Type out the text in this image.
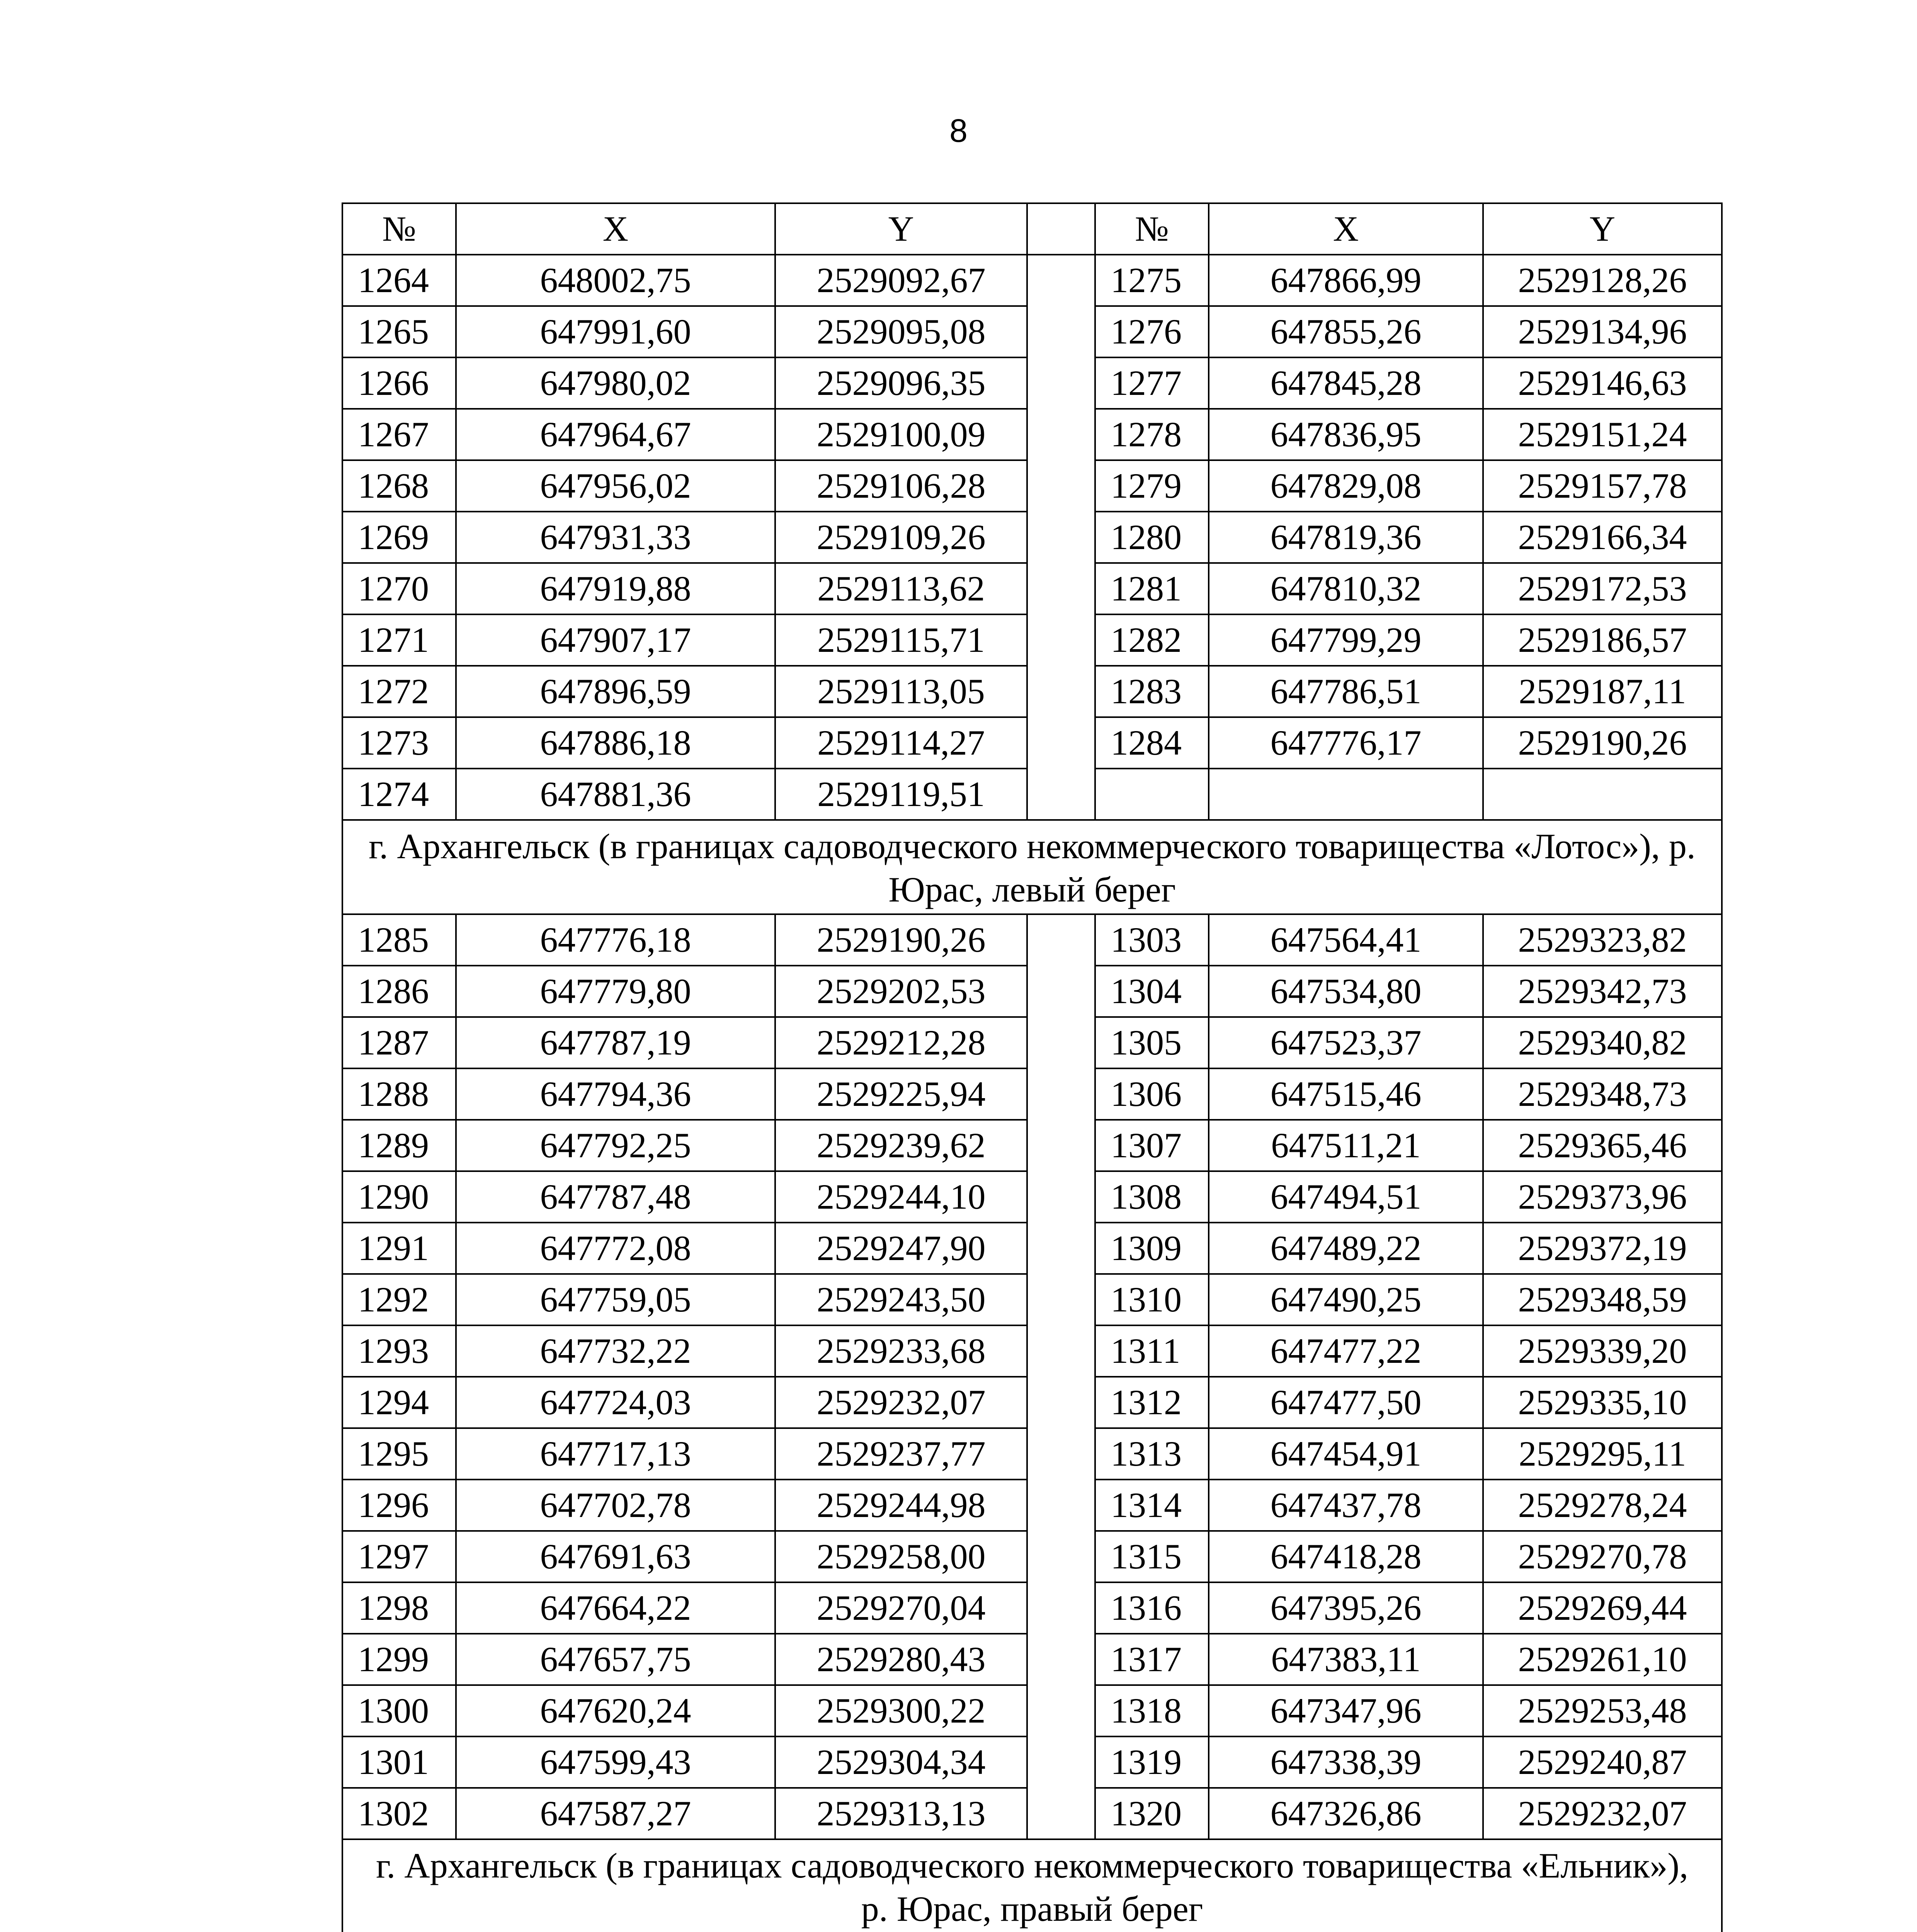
8
№	X	Y		№	X	Y
1264	648002,75	2529092,67		1275	647866,99	2529128,26
1265	647991,60	2529095,08		1276	647855,26	2529134,96
1266	647980,02	2529096,35		1277	647845,28	2529146,63
1267	647964,67	2529100,09		1278	647836,95	2529151,24
1268	647956,02	2529106,28		1279	647829,08	2529157,78
1269	647931,33	2529109,26		1280	647819,36	2529166,34
1270	647919,88	2529113,62		1281	647810,32	2529172,53
1271	647907,17	2529115,71		1282	647799,29	2529186,57
1272	647896,59	2529113,05		1283	647786,51	2529187,11
1273	647886,18	2529114,27		1284	647776,17	2529190,26
1274	647881,36	2529119,51				
г. Архангельск (в границах садоводческого некоммерческого товарищества «Лотос»), р. Юрас, левый берег						
1285	647776,18	2529190,26		1303	647564,41	2529323,82
1286	647779,80	2529202,53		1304	647534,80	2529342,73
1287	647787,19	2529212,28		1305	647523,37	2529340,82
1288	647794,36	2529225,94		1306	647515,46	2529348,73
1289	647792,25	2529239,62		1307	647511,21	2529365,46
1290	647787,48	2529244,10		1308	647494,51	2529373,96
1291	647772,08	2529247,90		1309	647489,22	2529372,19
1292	647759,05	2529243,50		1310	647490,25	2529348,59
1293	647732,22	2529233,68		1311	647477,22	2529339,20
1294	647724,03	2529232,07		1312	647477,50	2529335,10
1295	647717,13	2529237,77		1313	647454,91	2529295,11
1296	647702,78	2529244,98		1314	647437,78	2529278,24
1297	647691,63	2529258,00		1315	647418,28	2529270,78
1298	647664,22	2529270,04		1316	647395,26	2529269,44
1299	647657,75	2529280,43		1317	647383,11	2529261,10
1300	647620,24	2529300,22		1318	647347,96	2529253,48
1301	647599,43	2529304,34		1319	647338,39	2529240,87
1302	647587,27	2529313,13		1320	647326,86	2529232,07
г. Архангельск (в границах садоводческого некоммерческого товарищества «Ельник»), р. Юрас, правый берег						
